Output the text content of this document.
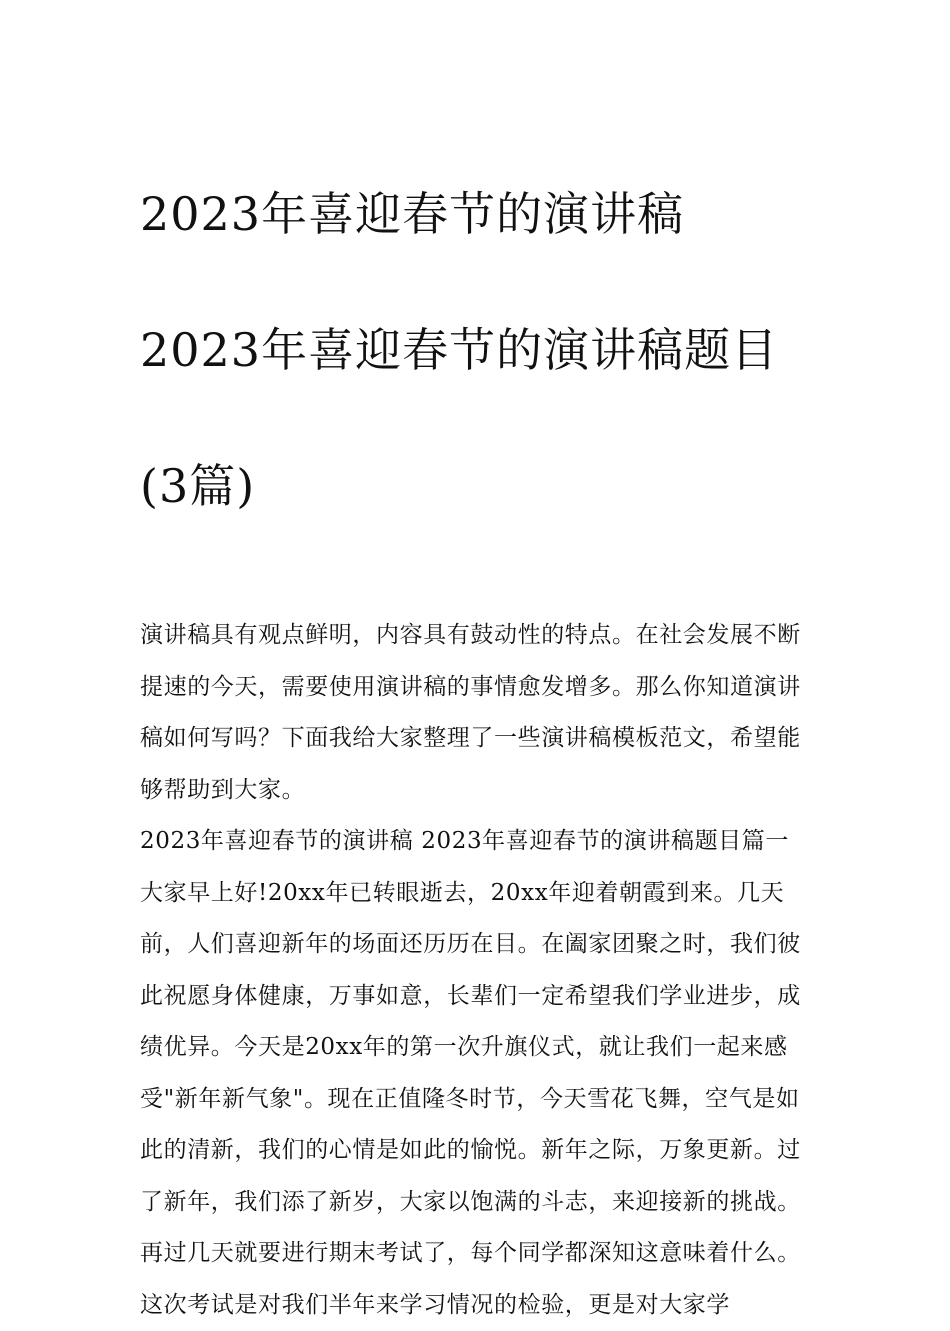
2023年喜迎春节的演讲稿

2023年喜迎春节的演讲稿题目

(3篇)

演讲稿具有观点鲜明，内容具有鼓动性的特点。在社会发展不断提速的今天，需要使用演讲稿的事情愈发增多。那么你知道演讲稿如何写吗？下面我给大家整理了一些演讲稿模板范文，希望能够帮助到大家。

2023年喜迎春节的演讲稿 2023年喜迎春节的演讲稿题目篇一

大家早上好!20xx年已转眼逝去，20xx年迎着朝霞到来。几天前，人们喜迎新年的场面还历历在目。在阖家团聚之时，我们彼此祝愿身体健康，万事如意，长辈们一定希望我们学业进步，成绩优异。今天是20xx年的第一次升旗仪式，就让我们一起来感受"新年新气象"。现在正值隆冬时节，今天雪花飞舞，空气是如此的清新，我们的心情是如此的愉悦。新年之际，万象更新。过了新年，我们添了新岁，大家以饱满的斗志，来迎接新的挑战。

再过几天就要进行期末考试了，每个同学都深知这意味着什么。这次考试是对我们半年来学习情况的检验，更是对大家学
